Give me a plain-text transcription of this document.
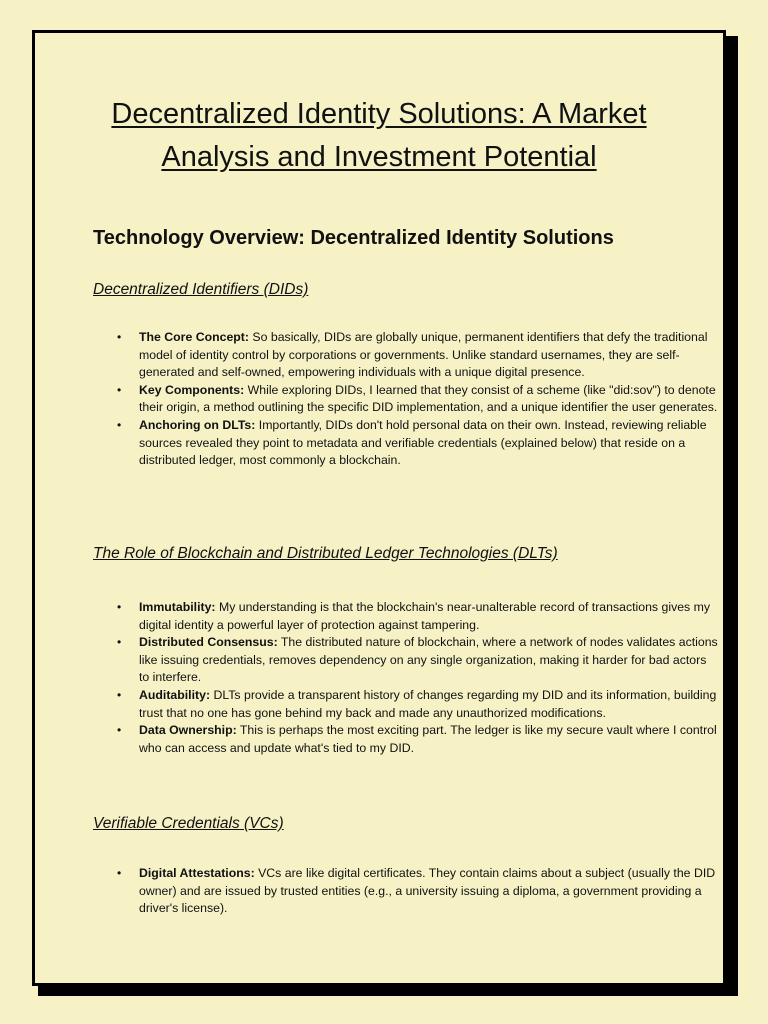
Decentralized Identity Solutions: A Market
Analysis and Investment Potential
Technology Overview: Decentralized Identity Solutions
Decentralized Identifiers (DIDs)
• The Core Concept: So basically, DIDs are globally unique, permanent identifiers that defy the traditional model of identity control by corporations or governments. Unlike standard usernames, they are self-generated and self-owned, empowering individuals with a unique digital presence.
• Key Components: While exploring DIDs, I learned that they consist of a scheme (like "did:sov") to denote their origin, a method outlining the specific DID implementation, and a unique identifier the user generates.
• Anchoring on DLTs: Importantly, DIDs don't hold personal data on their own. Instead, reviewing reliable sources revealed they point to metadata and verifiable credentials (explained below) that reside on a distributed ledger, most commonly a blockchain.
The Role of Blockchain and Distributed Ledger Technologies (DLTs)
• Immutability: My understanding is that the blockchain's near-unalterable record of transactions gives my digital identity a powerful layer of protection against tampering.
• Distributed Consensus: The distributed nature of blockchain, where a network of nodes validates actions like issuing credentials, removes dependency on any single organization, making it harder for bad actors to interfere.
• Auditability: DLTs provide a transparent history of changes regarding my DID and its information, building trust that no one has gone behind my back and made any unauthorized modifications.
• Data Ownership: This is perhaps the most exciting part. The ledger is like my secure vault where I control who can access and update what's tied to my DID.
Verifiable Credentials (VCs)
• Digital Attestations: VCs are like digital certificates. They contain claims about a subject (usually the DID owner) and are issued by trusted entities (e.g., a university issuing a diploma, a government providing a driver's license).
